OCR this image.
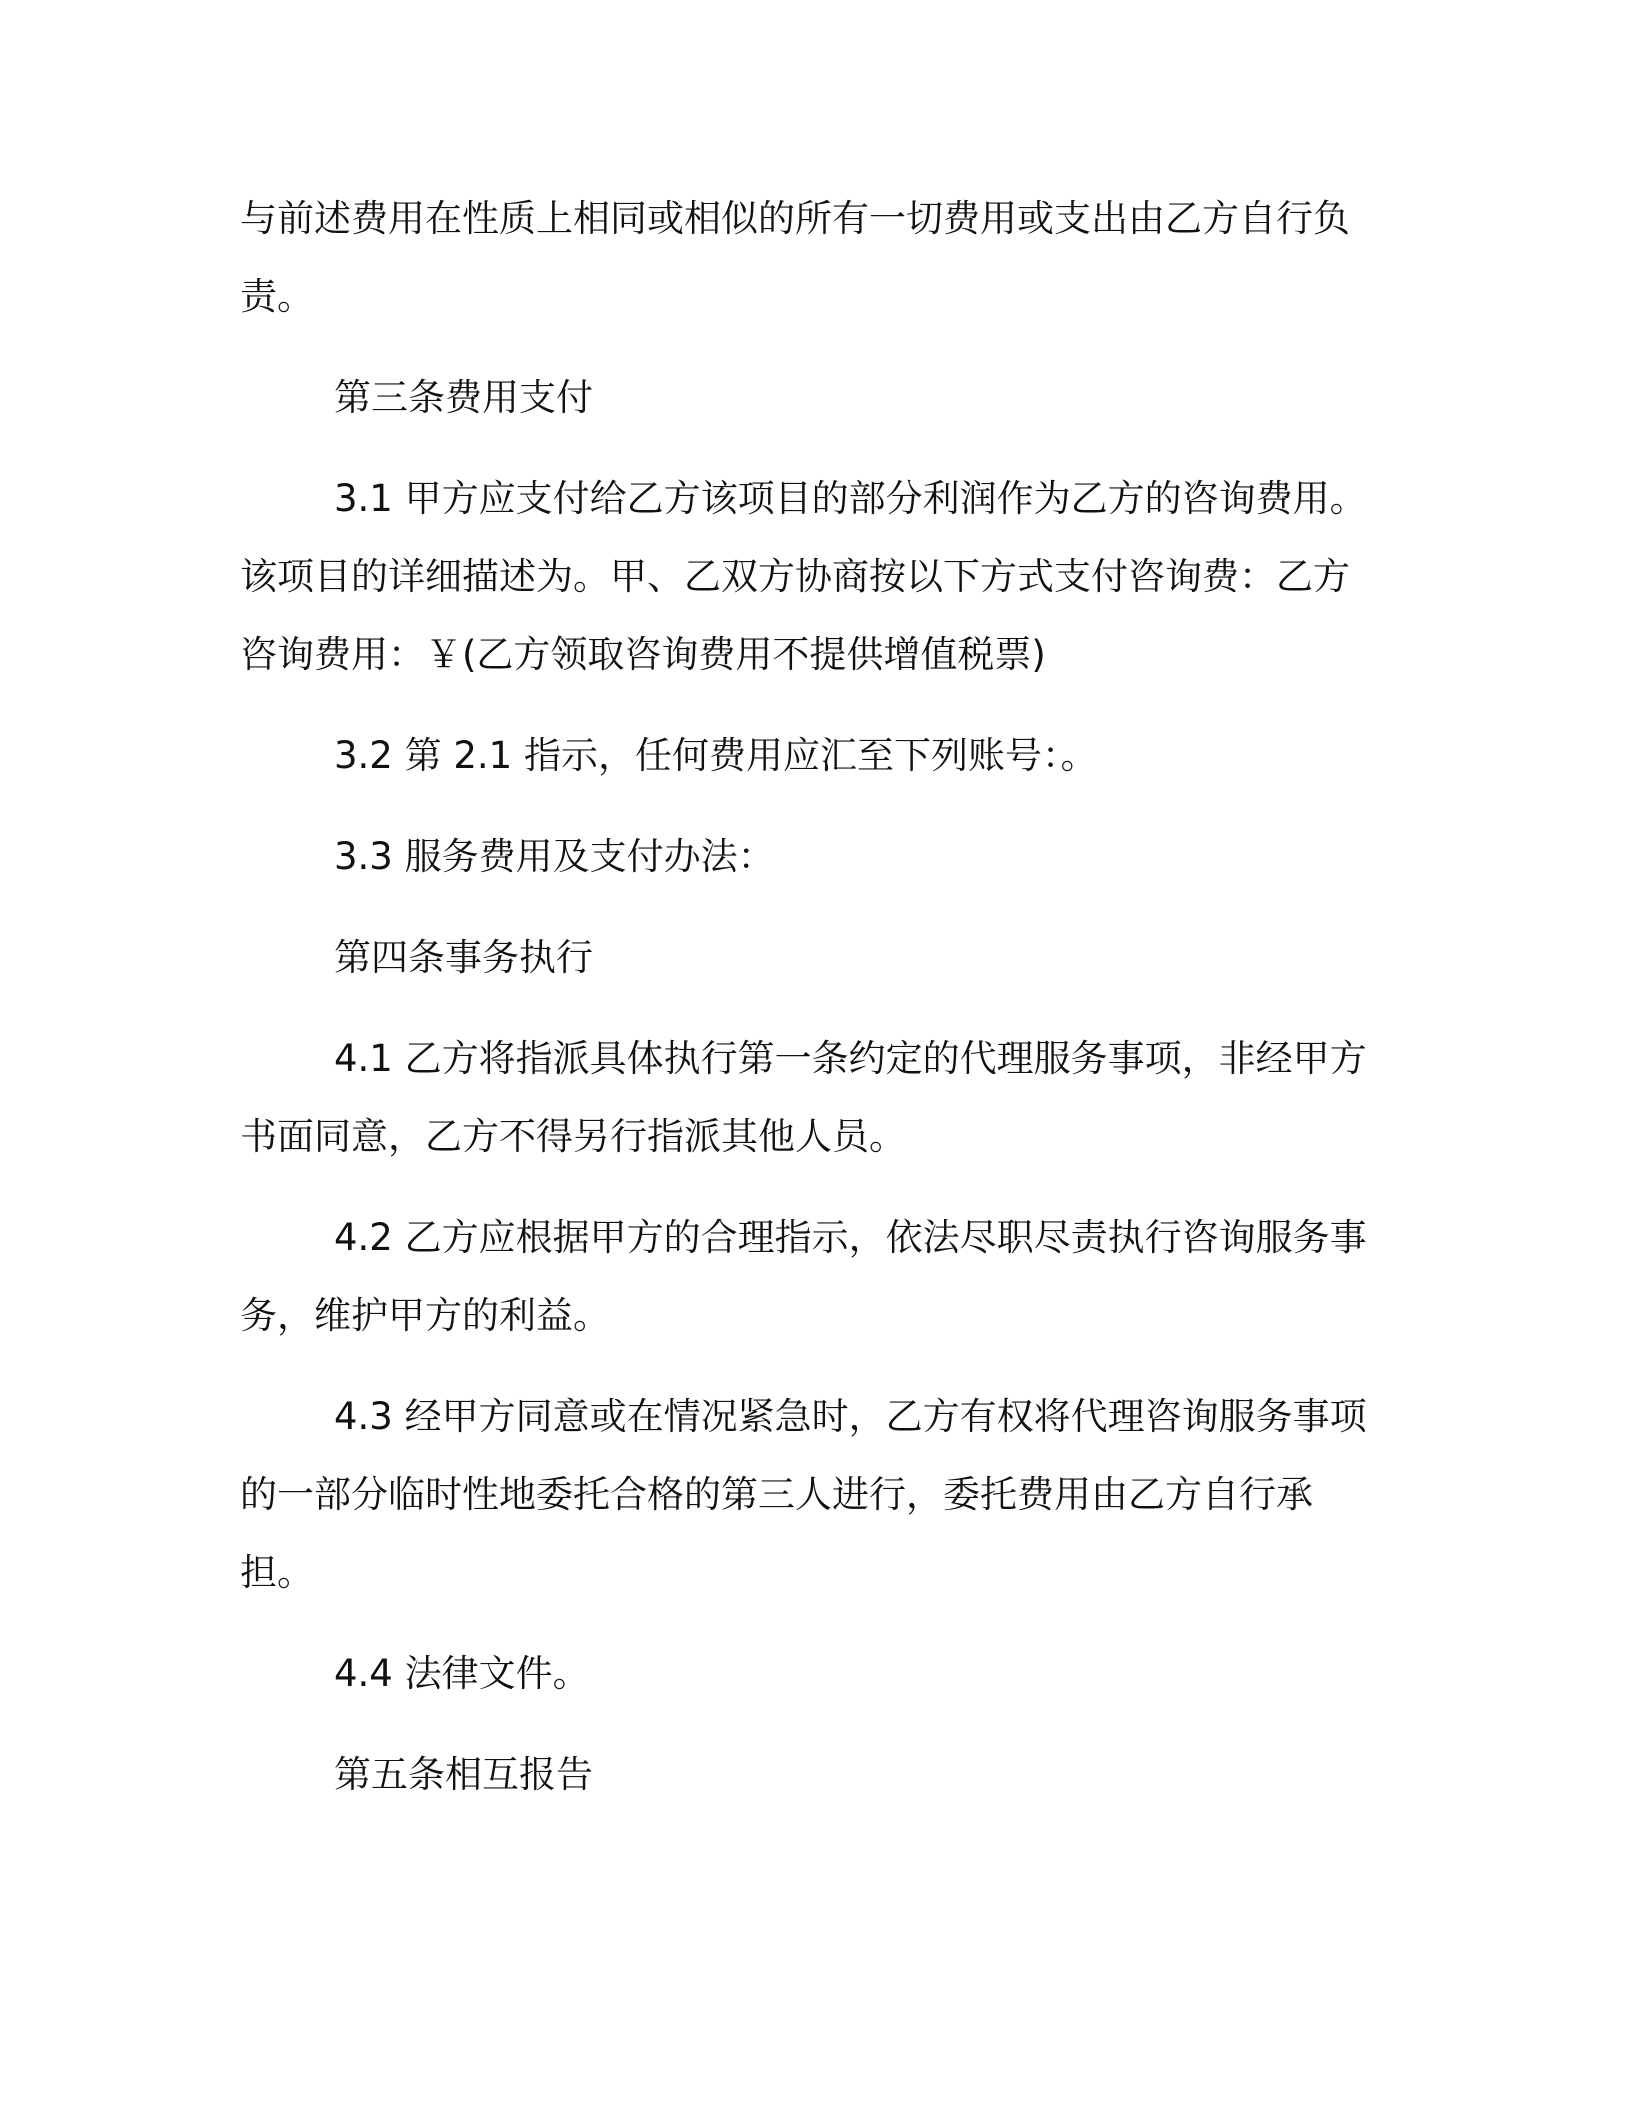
与前述费用在性质上相同或相似的所有一切费用或支出由乙方自行负责。

第三条费用支付

3.1 甲方应支付给乙方该项目的部分利润作为乙方的咨询费用。该项目的详细描述为。甲、乙双方协商按以下方式支付咨询费：乙方咨询费用：￥(乙方领取咨询费用不提供增值税票)

3.2 第 2.1 指示，任何费用应汇至下列账号：。

3.3 服务费用及支付办法：

第四条事务执行

4.1 乙方将指派具体执行第一条约定的代理服务事项，非经甲方书面同意，乙方不得另行指派其他人员。

4.2 乙方应根据甲方的合理指示，依法尽职尽责执行咨询服务事务，维护甲方的利益。

4.3 经甲方同意或在情况紧急时，乙方有权将代理咨询服务事项的一部分临时性地委托合格的第三人进行，委托费用由乙方自行承担。

4.4 法律文件。

第五条相互报告
